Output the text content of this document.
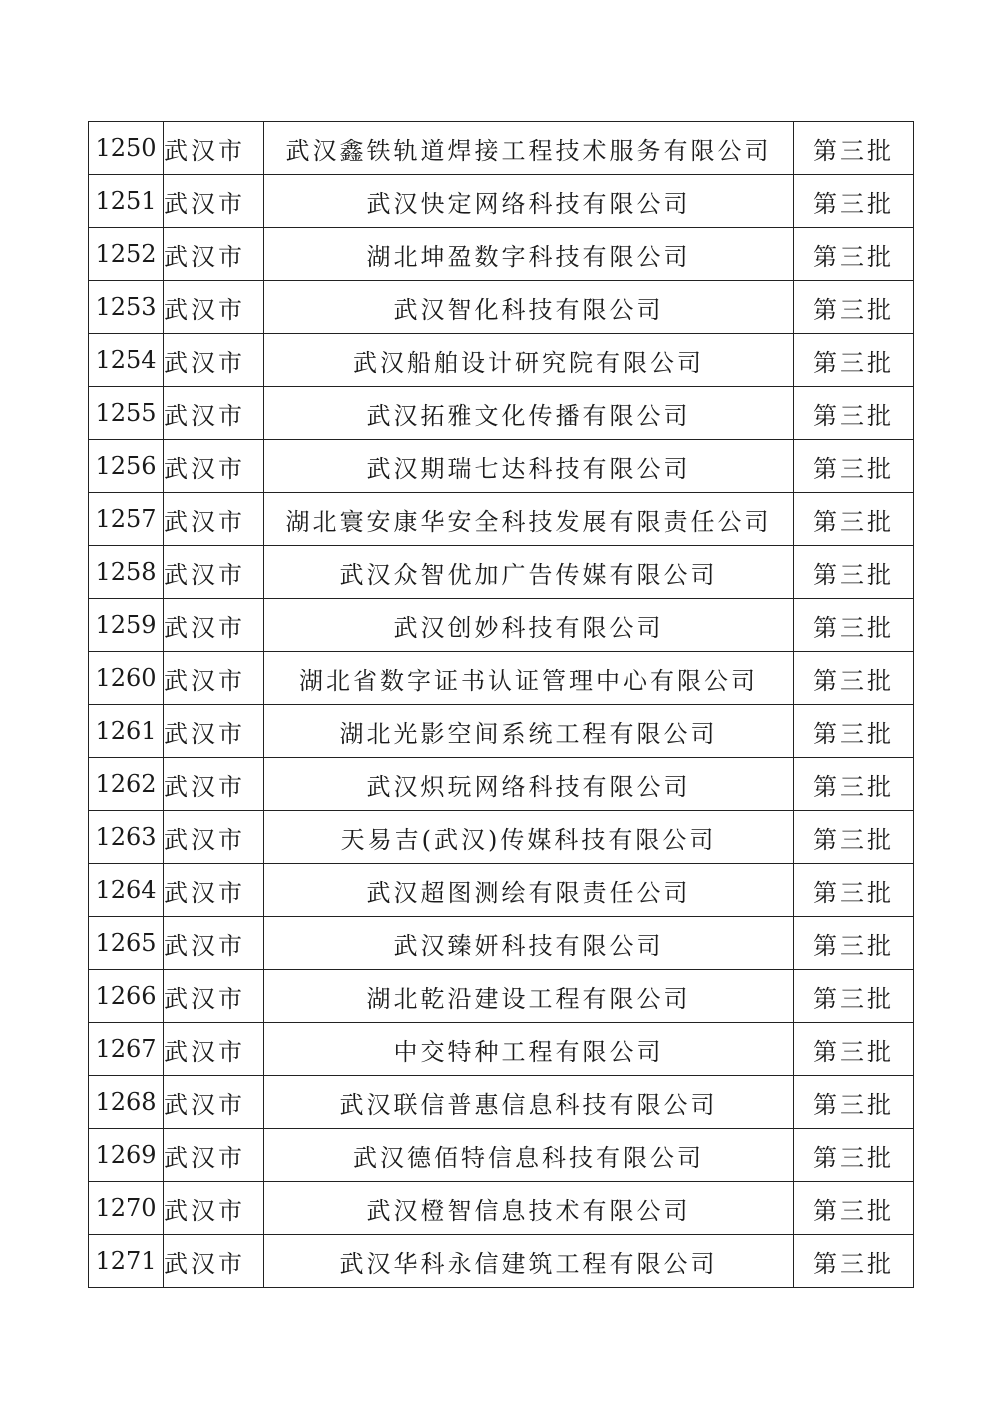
1250	武汉市	武汉鑫铁轨道焊接工程技术服务有限公司	第三批
1251	武汉市	武汉快定网络科技有限公司	第三批
1252	武汉市	湖北坤盈数字科技有限公司	第三批
1253	武汉市	武汉智化科技有限公司	第三批
1254	武汉市	武汉船舶设计研究院有限公司	第三批
1255	武汉市	武汉拓雅文化传播有限公司	第三批
1256	武汉市	武汉期瑞七达科技有限公司	第三批
1257	武汉市	湖北寰安康华安全科技发展有限责任公司	第三批
1258	武汉市	武汉众智优加广告传媒有限公司	第三批
1259	武汉市	武汉创妙科技有限公司	第三批
1260	武汉市	湖北省数字证书认证管理中心有限公司	第三批
1261	武汉市	湖北光影空间系统工程有限公司	第三批
1262	武汉市	武汉炽玩网络科技有限公司	第三批
1263	武汉市	天易吉(武汉)传媒科技有限公司	第三批
1264	武汉市	武汉超图测绘有限责任公司	第三批
1265	武汉市	武汉臻妍科技有限公司	第三批
1266	武汉市	湖北乾沿建设工程有限公司	第三批
1267	武汉市	中交特种工程有限公司	第三批
1268	武汉市	武汉联信普惠信息科技有限公司	第三批
1269	武汉市	武汉德佰特信息科技有限公司	第三批
1270	武汉市	武汉橙智信息技术有限公司	第三批
1271	武汉市	武汉华科永信建筑工程有限公司	第三批
